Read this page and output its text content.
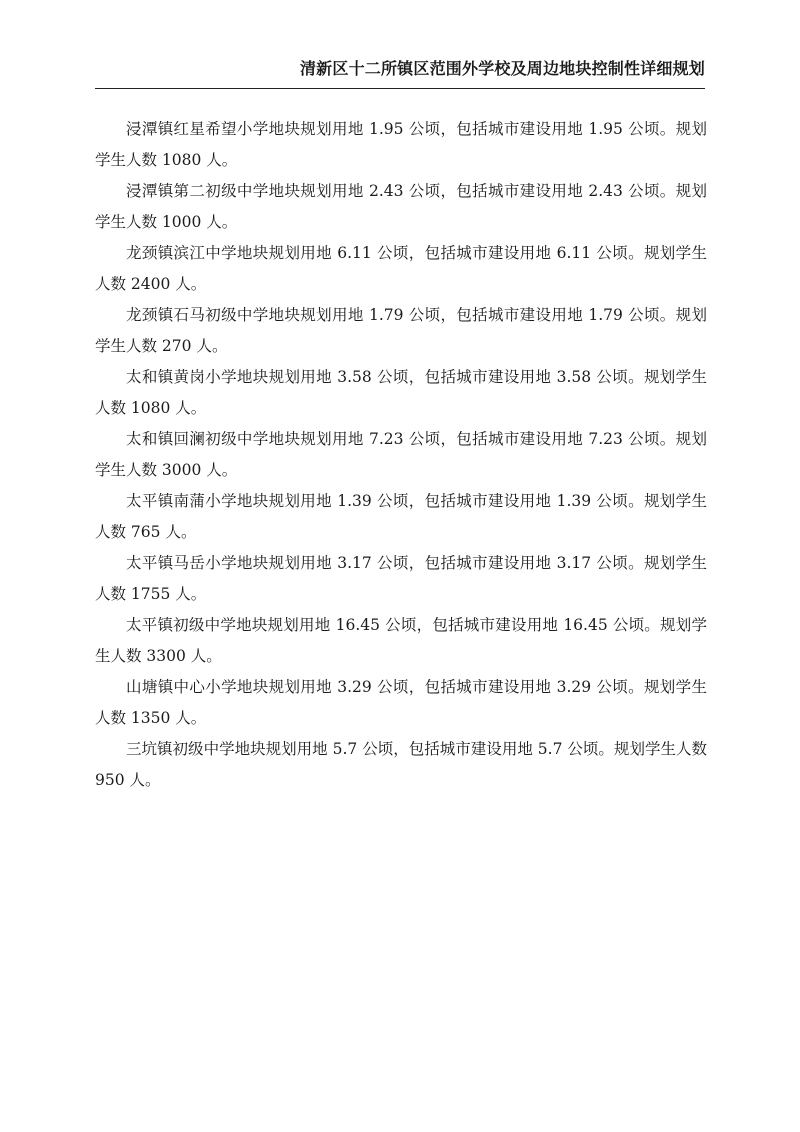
清新区十二所镇区范围外学校及周边地块控制性详细规划

浸潭镇红星希望小学地块规划用地 1.95 公顷，包括城市建设用地 1.95 公顷。规划学生人数 1080 人。

浸潭镇第二初级中学地块规划用地 2.43 公顷，包括城市建设用地 2.43 公顷。规划学生人数 1000 人。

龙颈镇滨江中学地块规划用地 6.11 公顷，包括城市建设用地 6.11 公顷。规划学生人数 2400 人。

龙颈镇石马初级中学地块规划用地 1.79 公顷，包括城市建设用地 1.79 公顷。规划学生人数 270 人。

太和镇黄岗小学地块规划用地 3.58 公顷，包括城市建设用地 3.58 公顷。规划学生人数 1080 人。

太和镇回澜初级中学地块规划用地 7.23 公顷，包括城市建设用地 7.23 公顷。规划学生人数 3000 人。

太平镇南蒲小学地块规划用地 1.39 公顷，包括城市建设用地 1.39 公顷。规划学生人数 765 人。

太平镇马岳小学地块规划用地 3.17 公顷，包括城市建设用地 3.17 公顷。规划学生人数 1755 人。

太平镇初级中学地块规划用地 16.45 公顷，包括城市建设用地 16.45 公顷。规划学生人数 3300 人。

山塘镇中心小学地块规划用地 3.29 公顷，包括城市建设用地 3.29 公顷。规划学生人数 1350 人。

三坑镇初级中学地块规划用地 5.7 公顷，包括城市建设用地 5.7 公顷。规划学生人数 950 人。
